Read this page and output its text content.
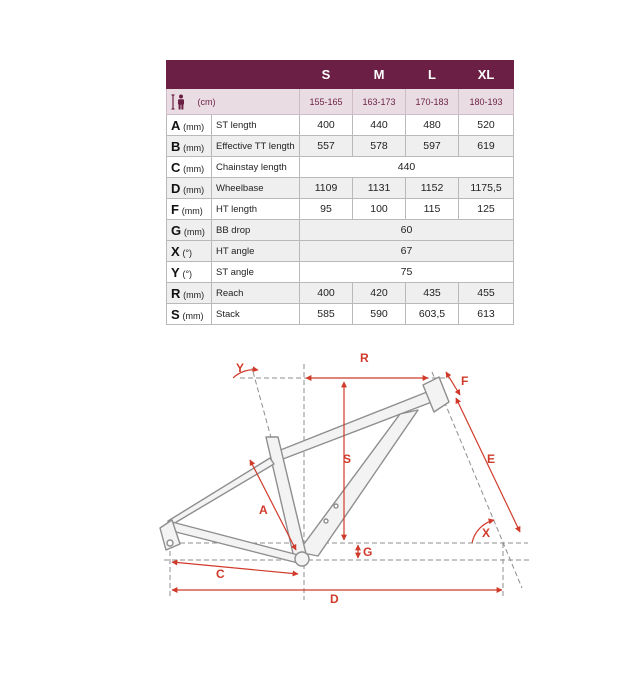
		S	M	L	XL
(cm)		155-165	163-173	170-183	180-193
A (mm)	ST length	400	440	480	520
B (mm)	Effective TT length	557	578	597	619
C (mm)	Chainstay length	440			
D (mm)	Wheelbase	1109	1131	1152	1175,5
F (mm)	HT length	95	100	115	125
G (mm)	BB drop	60			
X (°)	HT angle	67			
Y (°)	ST angle	75			
R (mm)	Reach	400	420	435	455
S (mm)	Stack	585	590	603,5	613
R
F
Y
E
S
A
X
G
C
D
